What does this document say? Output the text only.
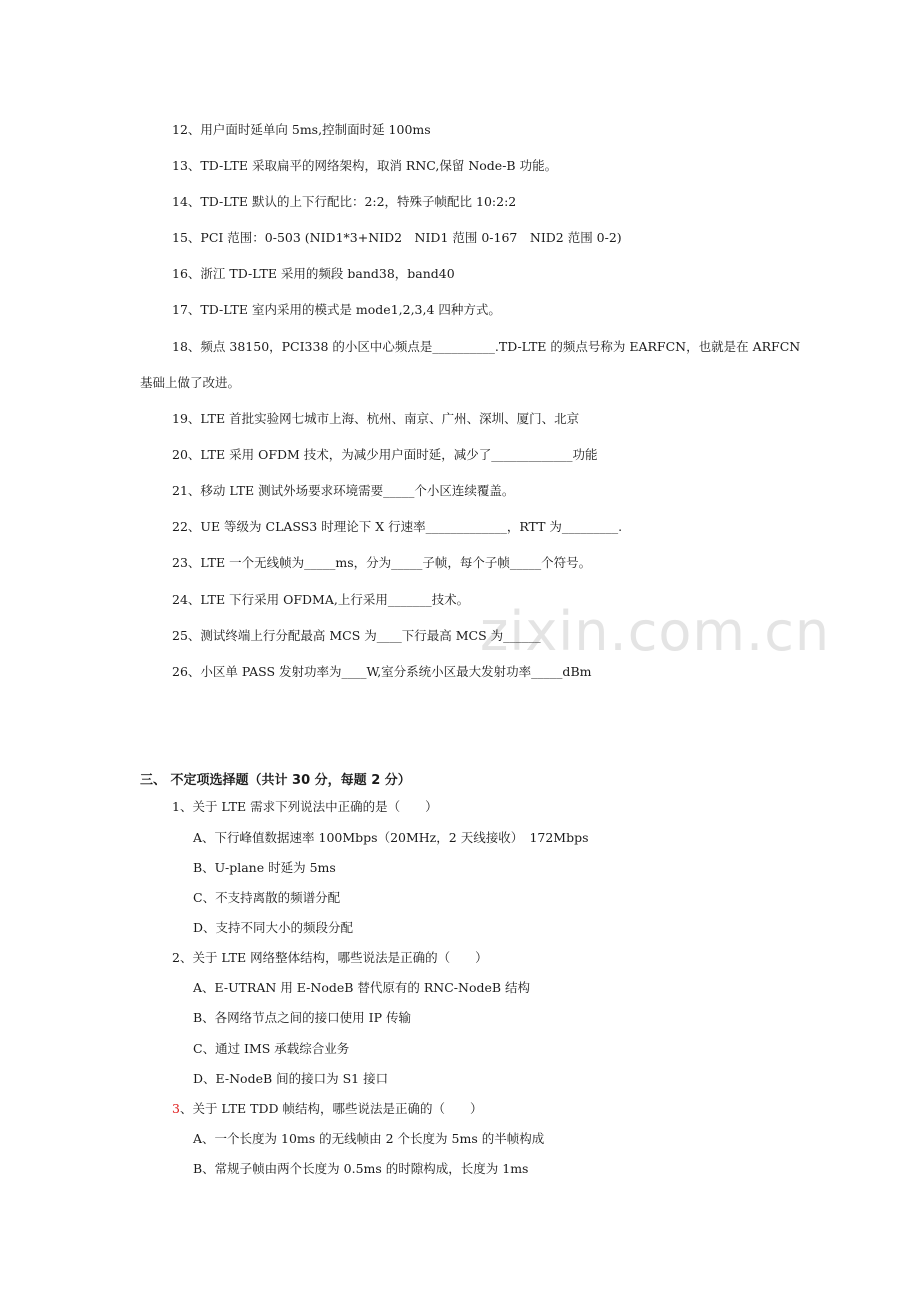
zixin.com.cn
12、用户面时延单向 5ms,控制面时延 100ms
13、TD-LTE 采取扁平的网络架构，取消 RNC,保留 Node-B 功能。
14、TD-LTE 默认的上下行配比：2:2，特殊子帧配比 10:2:2
15、PCI 范围：0-503 (NID1*3+NID2　NID1 范围 0-167　NID2 范围 0-2)
16、浙江 TD-LTE 采用的频段 band38，band40
17、TD-LTE 室内采用的模式是 mode1,2,3,4 四种方式。
18、频点 38150，PCI338 的小区中心频点是__________.TD-LTE 的频点号称为 EARFCN，也就是在 ARFCN
基础上做了改进。
19、LTE 首批实验网七城市上海、杭州、南京、广州、深圳、厦门、北京
20、LTE 采用 OFDM 技术，为减少用户面时延，减少了_____________功能
21、移动 LTE 测试外场要求环境需要_____个小区连续覆盖。
22、UE 等级为 CLASS3 时理论下 X 行速率_____________，RTT 为_________.
23、LTE 一个无线帧为_____ms，分为_____子帧，每个子帧_____个符号。
24、LTE 下行采用 OFDMA,上行采用_______技术。
25、测试终端上行分配最高 MCS 为____下行最高 MCS 为______
26、小区单 PASS 发射功率为____W,室分系统小区最大发射功率_____dBm
三、 不定项选择题（共计 30 分，每题 2 分）
1、关于 LTE 需求下列说法中正确的是（　　）
A、下行峰值数据速率 100Mbps（20MHz，2 天线接收）　172Mbps
B、U-plane 时延为 5ms
C、不支持离散的频谱分配
D、支持不同大小的频段分配
2、关于 LTE 网络整体结构，哪些说法是正确的（　　）
A、E-UTRAN 用 E-NodeB 替代原有的 RNC-NodeB 结构
B、各网络节点之间的接口使用 IP 传输
C、通过 IMS 承载综合业务
D、E-NodeB 间的接口为 S1 接口
3、关于 LTE TDD 帧结构，哪些说法是正确的（　　）
A、一个长度为 10ms 的无线帧由 2 个长度为 5ms 的半帧构成
B、常规子帧由两个长度为 0.5ms 的时隙构成，长度为 1ms
